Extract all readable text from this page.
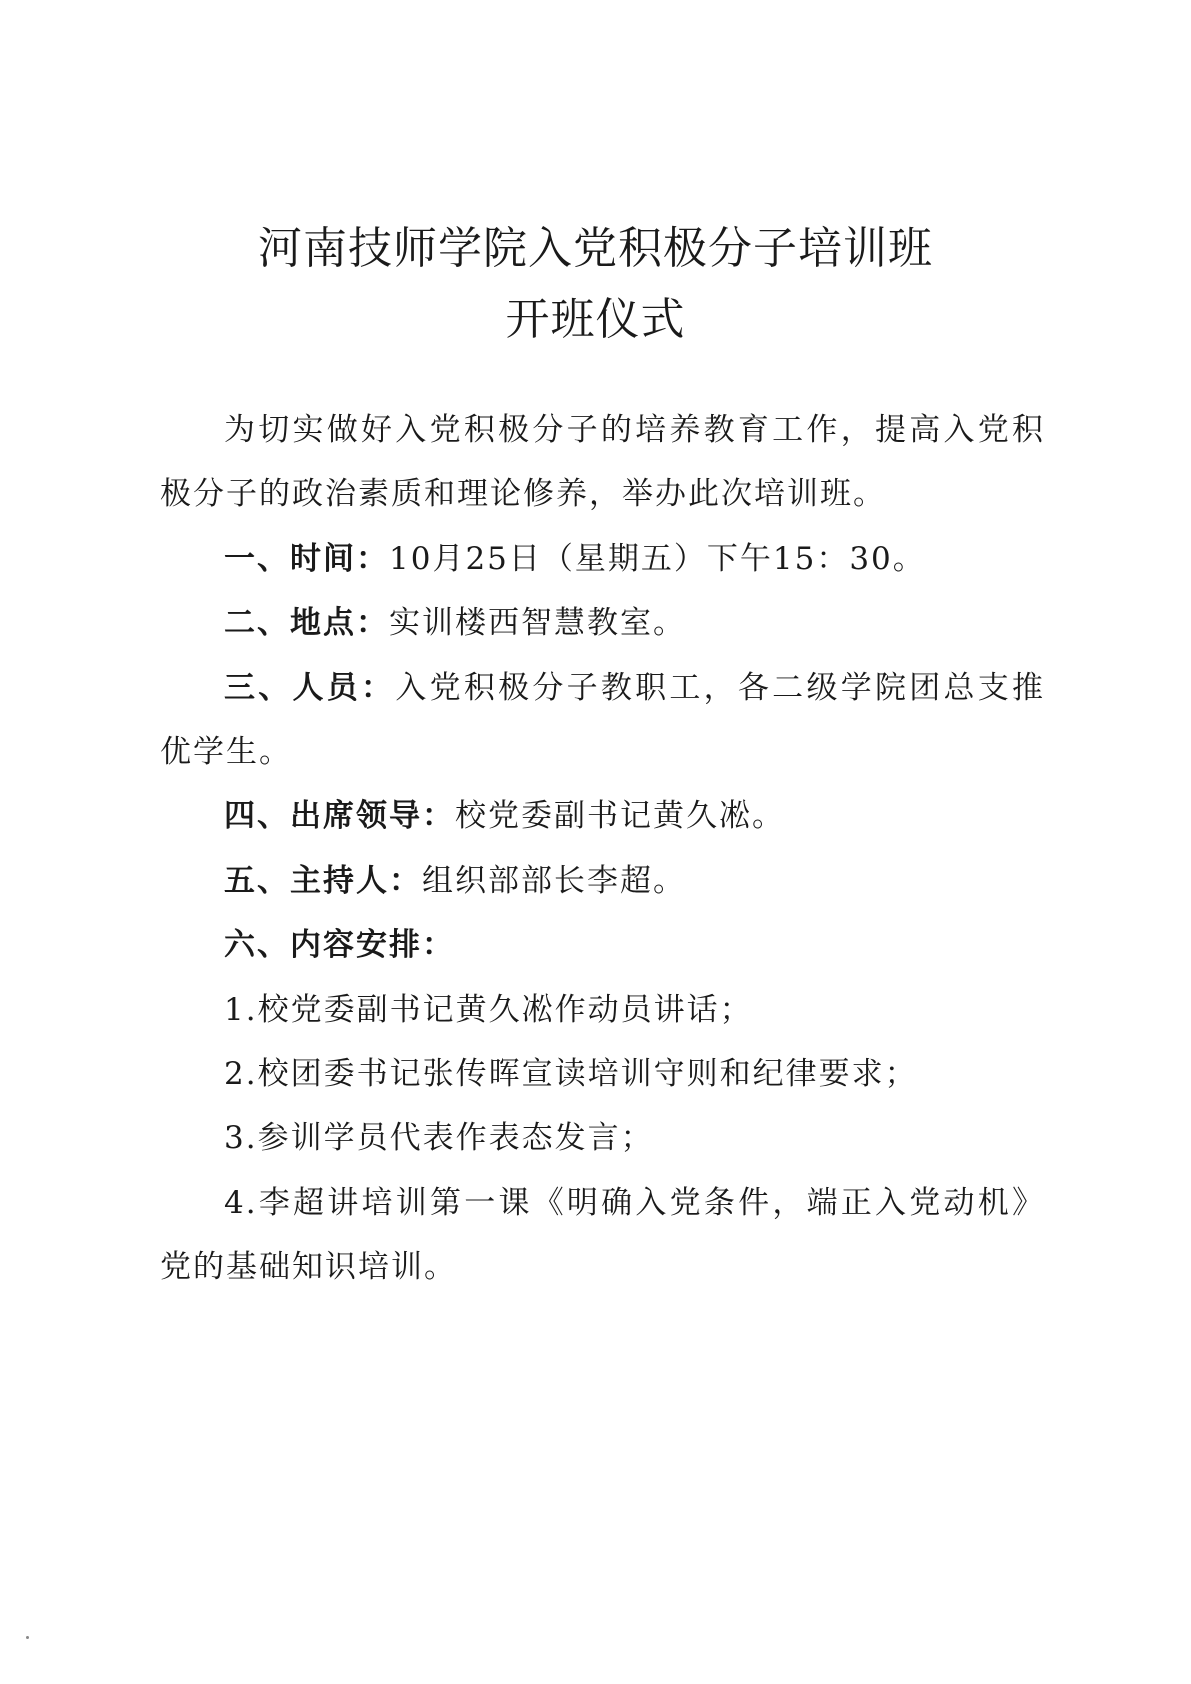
河南技师学院入党积极分子培训班
开班仪式

为切实做好入党积极分子的培养教育工作，提高入党积极分子的政治素质和理论修养，举办此次培训班。

一、时间：10月25日（星期五）下午15：30。

二、地点：实训楼西智慧教室。

三、人员：入党积极分子教职工，各二级学院团总支推优学生。

四、出席领导：校党委副书记黄久凇。

五、主持人：组织部部长李超。

六、内容安排：

1.校党委副书记黄久凇作动员讲话；

2.校团委书记张传晖宣读培训守则和纪律要求；

3.参训学员代表作表态发言；

4.李超讲培训第一课《明确入党条件，端正入党动机》党的基础知识培训。
